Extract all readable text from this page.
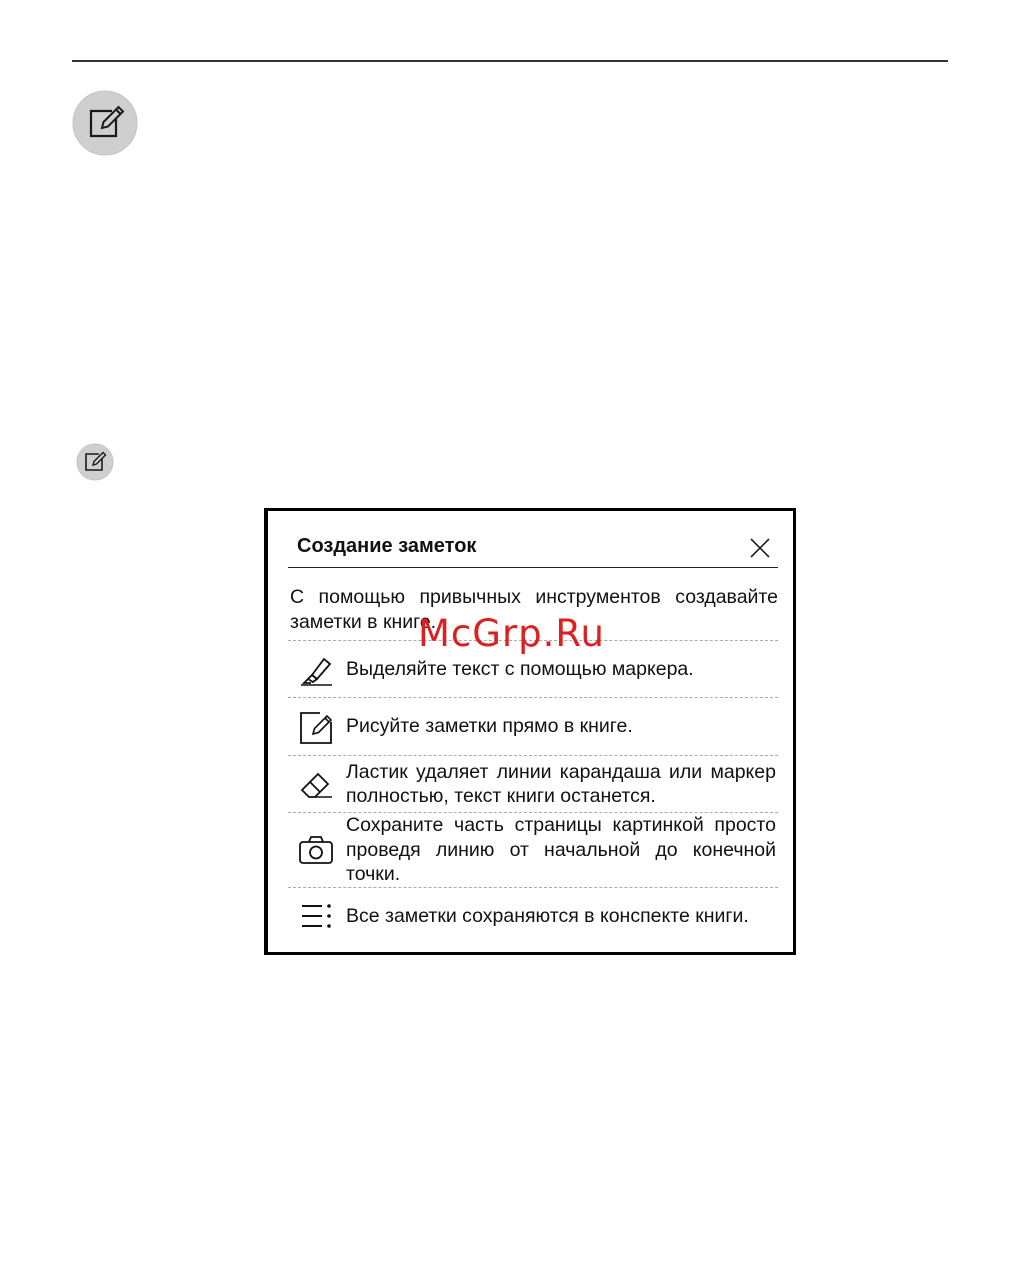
Создание заметок
С помощью привычных инструментов создавайте заметки в книге.
Выделяйте текст с помощью маркера.
Рисуйте заметки прямо в книге.
Ластик удаляет линии карандаша или маркер полностью, текст книги останется.
Сохраните часть страницы картинкой просто проведя линию от начальной до конечной точки.
Все заметки сохраняются в конспекте книги.
McGrp.Ru
